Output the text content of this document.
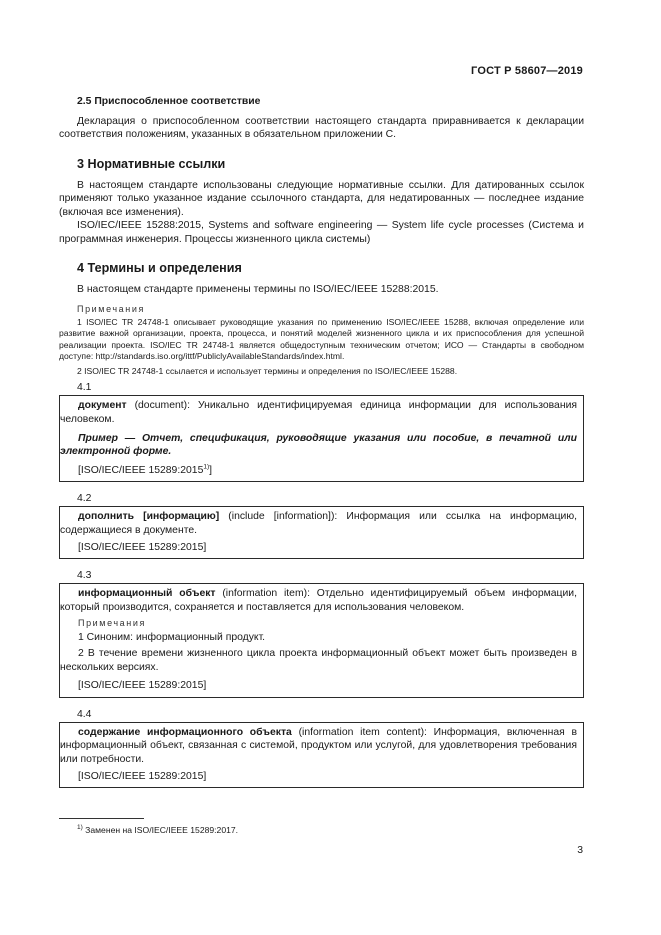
ГОСТ Р 58607—2019
2.5 Приспособленное соответствие

Декларация о приспособленном соответствии настоящего стандарта приравнивается к декларации соответствия положениям, указанных в обязательном приложении С.

3 Нормативные ссылки

В настоящем стандарте использованы следующие нормативные ссылки. Для датированных ссылок применяют только указанное издание ссылочного стандарта, для недатированных — последнее издание (включая все изменения).

ISO/IEC/IEEE 15288:2015, Systems and software engineering — System life cycle processes (Система и программная инженерия. Процессы жизненного цикла системы)

4 Термины и определения

В настоящем стандарте применены термины по ISO/IEC/IEEE 15288:2015.

Примечания

1 ISO/IEC TR 24748-1 описывает руководящие указания по применению ISO/IEC/IEEE 15288, включая определение или развитие важной организации, проекта, процесса, и понятий моделей жизненного цикла и их приспособления для успешной реализации проекта. ISO/IEC TR 24748-1 является общедоступным техническим отчетом; ИСО — Стандарты в свободном доступе: http://standards.iso.org/ittf/PubliclyAvailableStandards/index.html.

2 ISO/IEC TR 24748-1 ссылается и использует термины и определения по ISO/IEC/IEEE 15288.

4.1

документ (document): Уникально идентифицируемая единица информации для использования человеком.

Пример — Отчет, спецификация, руководящие указания или пособие, в печатной или электронной форме.

[ISO/IEC/IEEE 15289:2015$^{1)}$]
4.2

дополнить [информацию] (include [information]): Информация или ссылка на информацию, содержащиеся в документе.

[ISO/IEC/IEEE 15289:2015]
4.3

информационный объект (information item): Отдельно идентифицируемый объем информации, который производится, сохраняется и поставляется для использования человеком.

Примечания

1 Синоним: информационный продукт.

2 В течение времени жизненного цикла проекта информационный объект может быть произведен в нескольких версиях.

[ISO/IEC/IEEE 15289:2015]
4.4

содержание информационного объекта (information item content): Информация, включенная в информационный объект, связанная с системой, продуктом или услугой, для удовлетворения требования или потребности.

[ISO/IEC/IEEE 15289:2015]
$^{1)}$ Заменен на ISO/IEC/IEEE 15289:2017.
3
